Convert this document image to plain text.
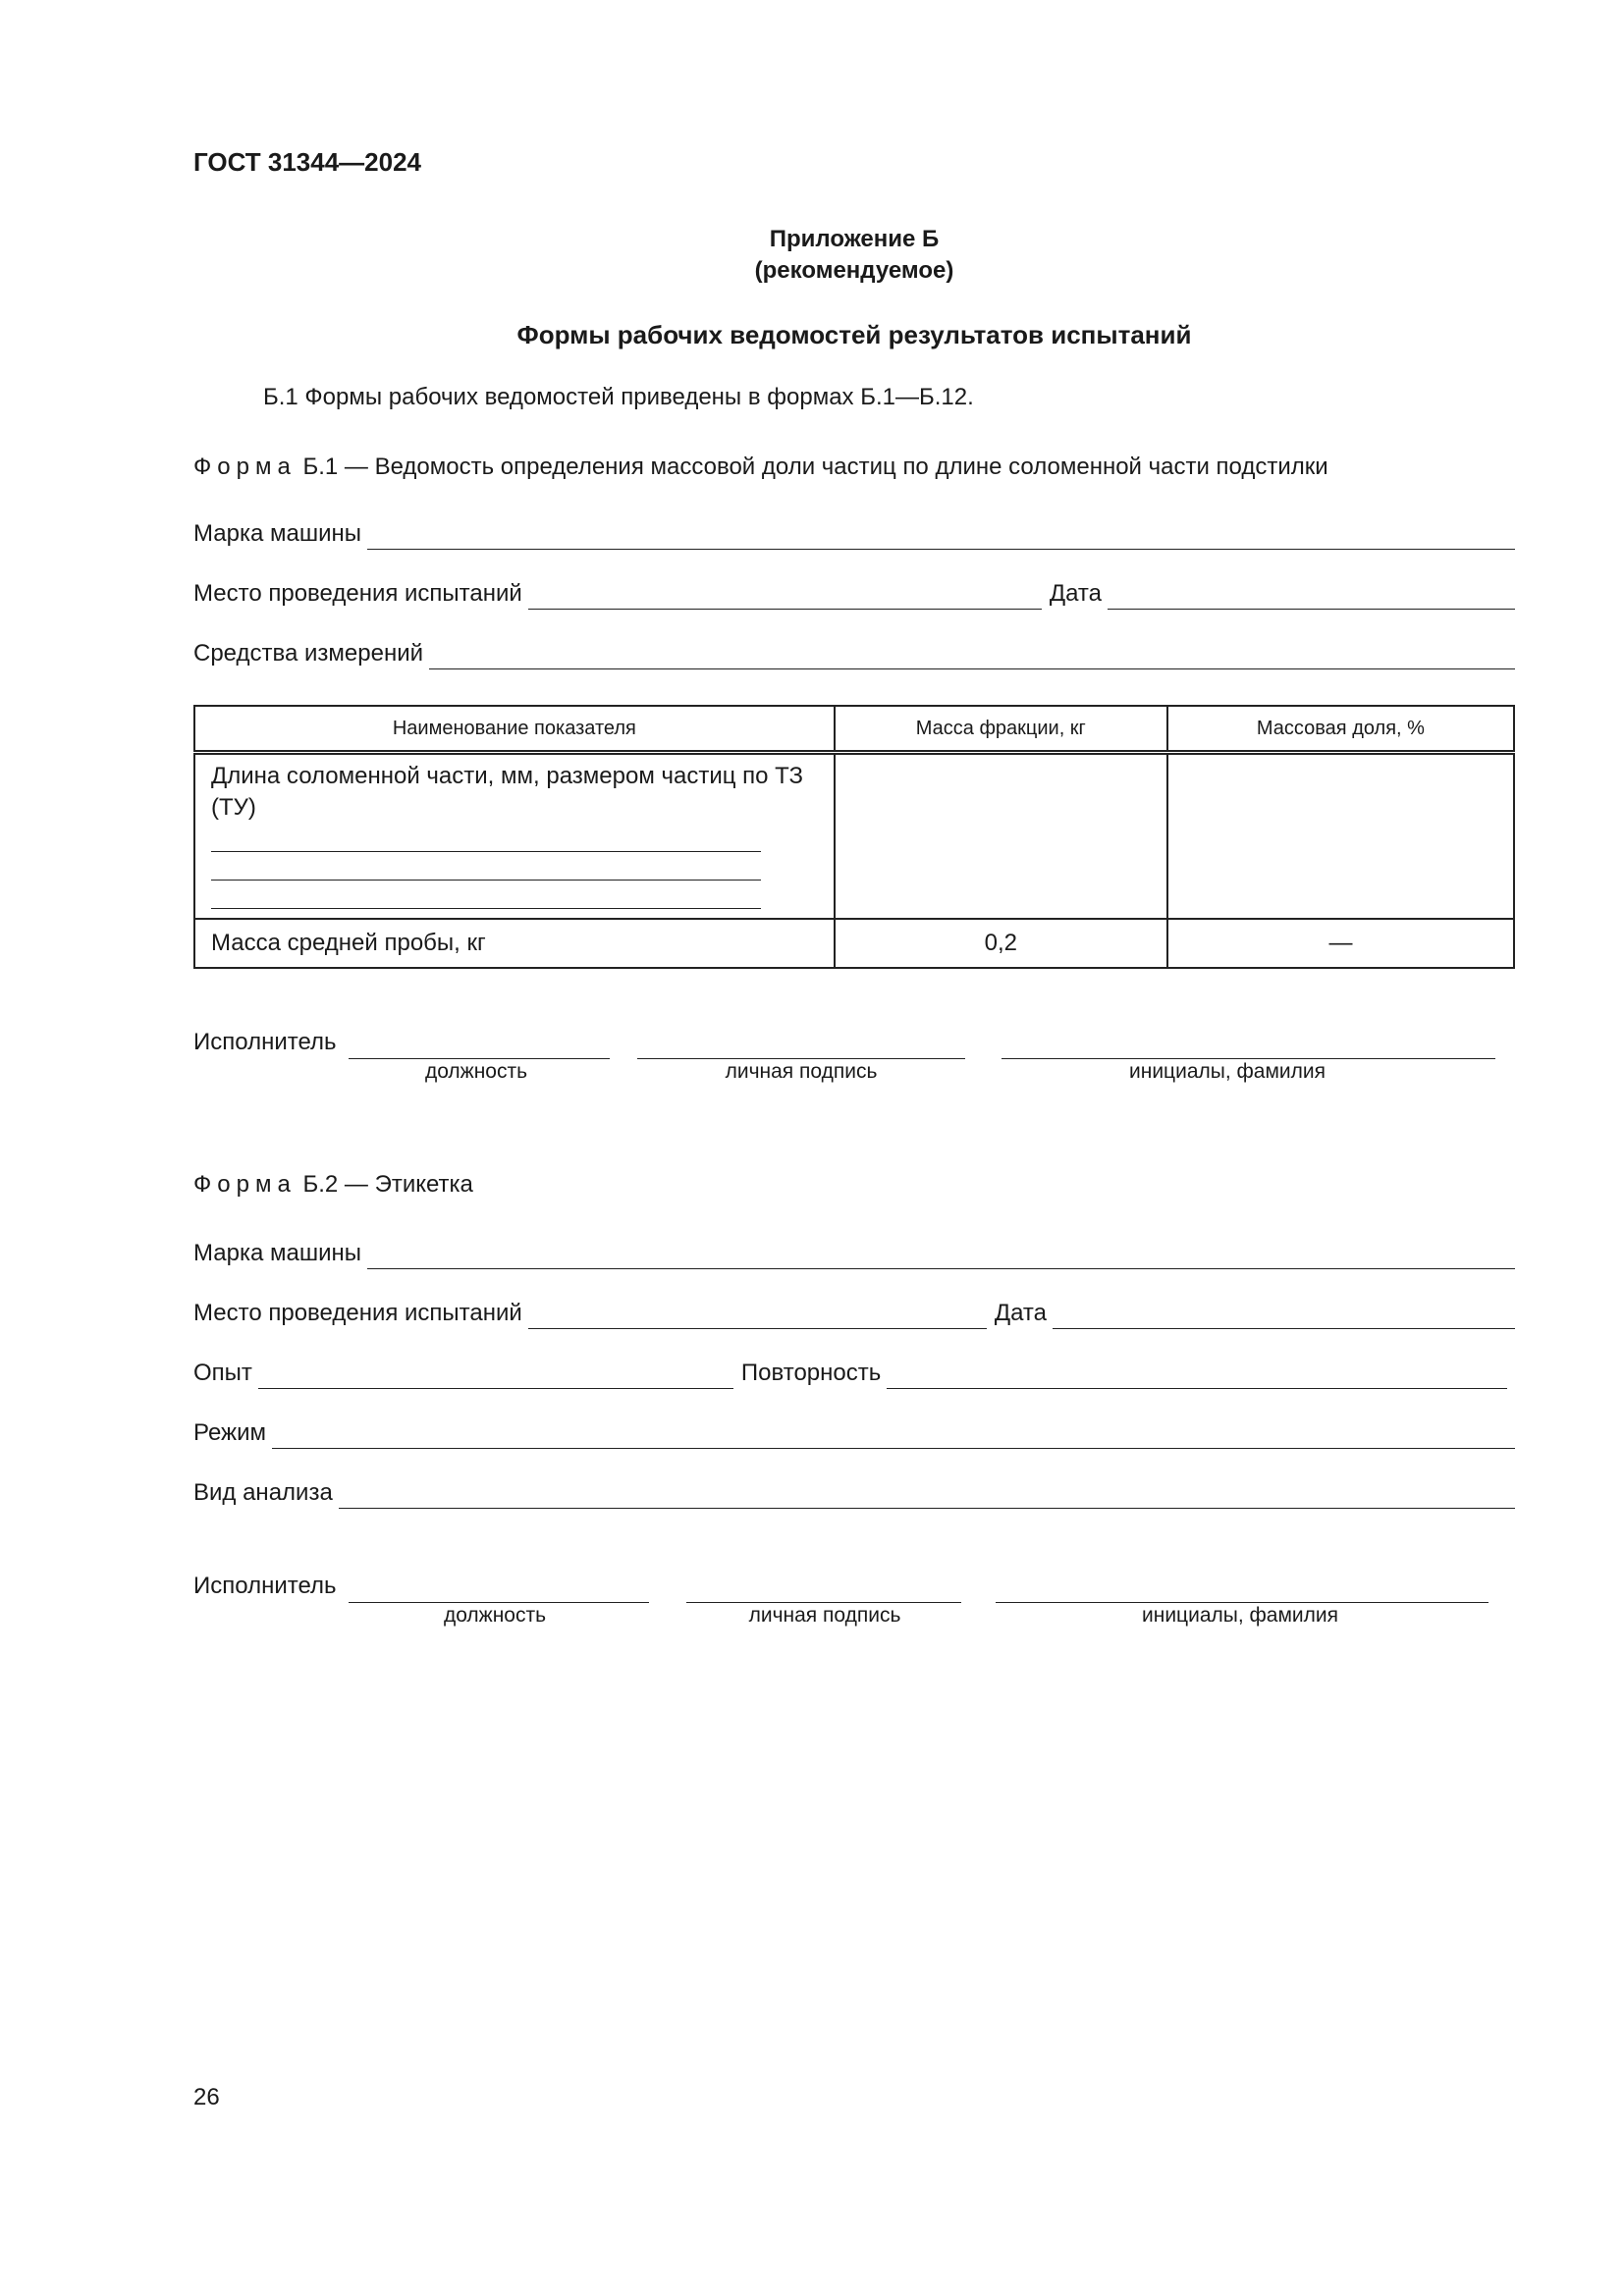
ГОСТ 31344—2024
Приложение Б
(рекомендуемое)
Формы рабочих ведомостей результатов испытаний
Б.1 Формы рабочих ведомостей приведены в формах Б.1—Б.12.
Форма Б.1 — Ведомость определения массовой доли частиц по длине соломенной части подстилки
Марка машины
Место проведения испытаний	Дата
Средства измерений
Наименование показателя	Масса фракции, кг	Массовая доля, %

Длина соломенной части, мм, размером частиц по ТЗ (ТУ)		

Масса средней пробы, кг	0,2	—
Исполнитель
должность	личная подпись	инициалы, фамилия
Форма Б.2 — Этикетка
Марка машины
Место проведения испытаний	Дата
Опыт	Повторность
Режим
Вид анализа
Исполнитель
должность	личная подпись	инициалы, фамилия
26
